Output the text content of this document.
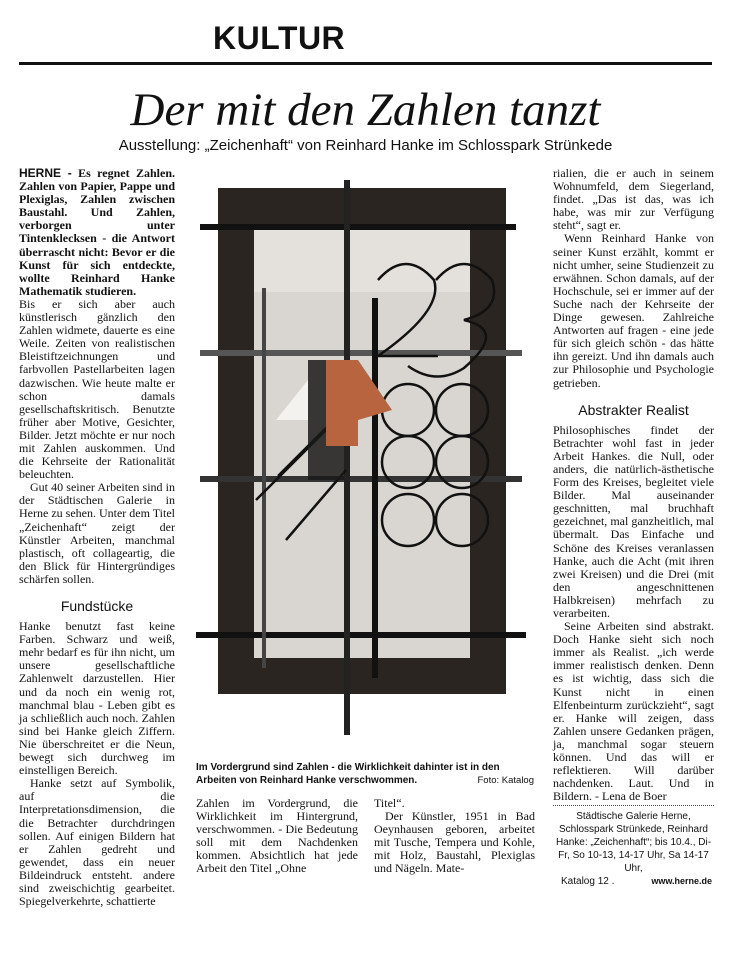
KULTUR
Der mit den Zahlen tanzt
Ausstellung: „Zeichenhaft“ von Reinhard Hanke im Schlosspark Strünkede

HERNE - Es regnet Zahlen. Zahlen von Papier, Pappe und Plexiglas, Zahlen zwischen Baustahl. Und Zahlen, verborgen unter Tintenklecksen - die Antwort überrascht nicht: Bevor er die Kunst für sich entdeckte, wollte Reinhard Hanke Mathematik studieren.

Bis er sich aber auch künstlerisch gänzlich den Zahlen widmete, dauerte es eine Weile. Zeiten von realistischen Bleistiftzeichnungen und farbvollen Pastellarbeiten lagen dazwischen. Wie heute malte er schon damals gesellschaftskritisch. Benutzte früher aber Motive, Gesichter, Bilder. Jetzt möchte er nur noch mit Zahlen auskommen. Und die Kehrseite der Rationalität beleuchten.

Gut 40 seiner Arbeiten sind in der Städtischen Galerie in Herne zu sehen. Unter dem Titel „Zeichenhaft“ zeigt der Künstler Arbeiten, manchmal plastisch, oft collageartig, die den Blick für Hintergründiges schärfen sollen.

Fundstücke

Hanke benutzt fast keine Farben. Schwarz und weiß, mehr bedarf es für ihn nicht, um unsere gesellschaftliche Zahlenwelt darzustellen. Hier und da noch ein wenig rot, manchmal blau - Leben gibt es ja schließlich auch noch. Zahlen sind bei Hanke gleich Ziffern. Nie überschreitet er die Neun, bewegt sich durchweg im einstelligen Bereich.

Hanke setzt auf Symbolik, auf die Interpretationsdimension, die die Betrachter durchdringen sollen. Auf einigen Bildern hat er Zahlen gedreht und gewendet, dass ein neuer Bildeindruck entsteht. andere sind zweischichtig gearbeitet. Spiegelverkehrte, schattierte

Im Vordergrund sind Zahlen - die Wirklichkeit dahinter ist in den Arbeiten von Reinhard Hanke verschwommen.	Foto: Katalog

Zahlen im Vordergrund, die Wirklichkeit im Hintergrund, verschwommen. - Die Bedeutung soll mit dem Nachdenken kommen. Absichtlich hat jede Arbeit den Titel „Ohne

Titel“.

Der Künstler, 1951 in Bad Oeynhausen geboren, arbeitet mit Tusche, Tempera und Kohle, mit Holz, Baustahl, Plexiglas und Nägeln. Mate-

rialien, die er auch in seinem Wohnumfeld, dem Siegerland, findet. „Das ist das, was ich habe, was mir zur Verfügung steht“, sagt er.

Wenn Reinhard Hanke von seiner Kunst erzählt, kommt er nicht umher, seine Studienzeit zu erwähnen. Schon damals, auf der Hochschule, sei er immer auf der Suche nach der Kehrseite der Dinge gewesen. Zahlreiche Antworten auf fragen - eine jede für sich gleich schön - das hätte ihn gereizt. Und ihn damals auch zur Philosophie und Psychologie getrieben.

Abstrakter Realist

Philosophisches findet der Betrachter wohl fast in jeder Arbeit Hankes. die Null, oder anders, die natürlich-ästhetische Form des Kreises, begleitet viele Bilder. Mal auseinander geschnitten, mal bruchhaft gezeichnet, mal ganzheitlich, mal übermalt. Das Einfache und Schöne des Kreises veranlassen Hanke, auch die Acht (mit ihren zwei Kreisen) und die Drei (mit den angeschnittenen Halbkreisen) mehrfach zu verarbeiten.

Seine Arbeiten sind abstrakt. Doch Hanke sieht sich noch immer als Realist. „ich werde immer realistisch denken. Denn es ist wichtig, dass sich die Kunst nicht in einen Elfenbeinturm zurückzieht“, sagt er. Hanke will zeigen, dass Zahlen unsere Gedanken prägen, ja, manchmal sogar steuern können. Und das will er reflektieren. Will darüber nachdenken. Laut. Und in Bildern. - Lena de Boer

Städtische Galerie Herne, Schlosspark Strünkede, Reinhard Hanke: „Zeichenhaft“; bis 10.4., Di-Fr, So 10-13, 14-17 Uhr, Sa 14-17 Uhr,
Katalog 12 .	www.herne.de
